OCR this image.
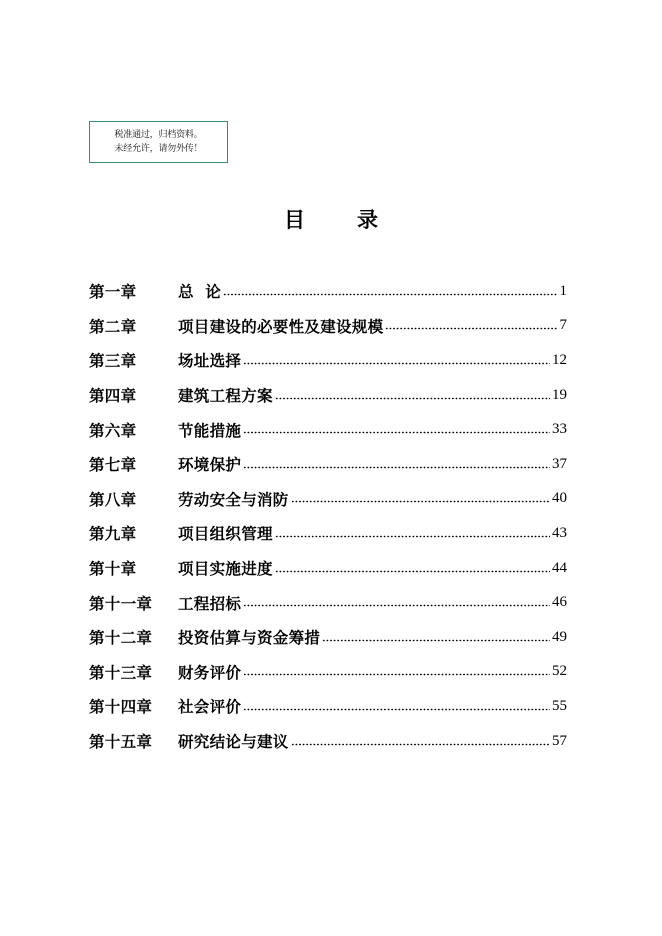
税准通过，归档资料。
未经允许，请勿外传！
目 录
第一章	总  论	1
第二章	项目建设的必要性及建设规模	7
第三章	场址选择	12
第四章	建筑工程方案	19
第六章	节能措施	33
第七章	环境保护	37
第八章	劳动安全与消防	40
第九章	项目组织管理	43
第十章	项目实施进度	44
第十一章	工程招标	46
第十二章	投资估算与资金筹措	49
第十三章	财务评价	52
第十四章	社会评价	55
第十五章	研究结论与建议	57
